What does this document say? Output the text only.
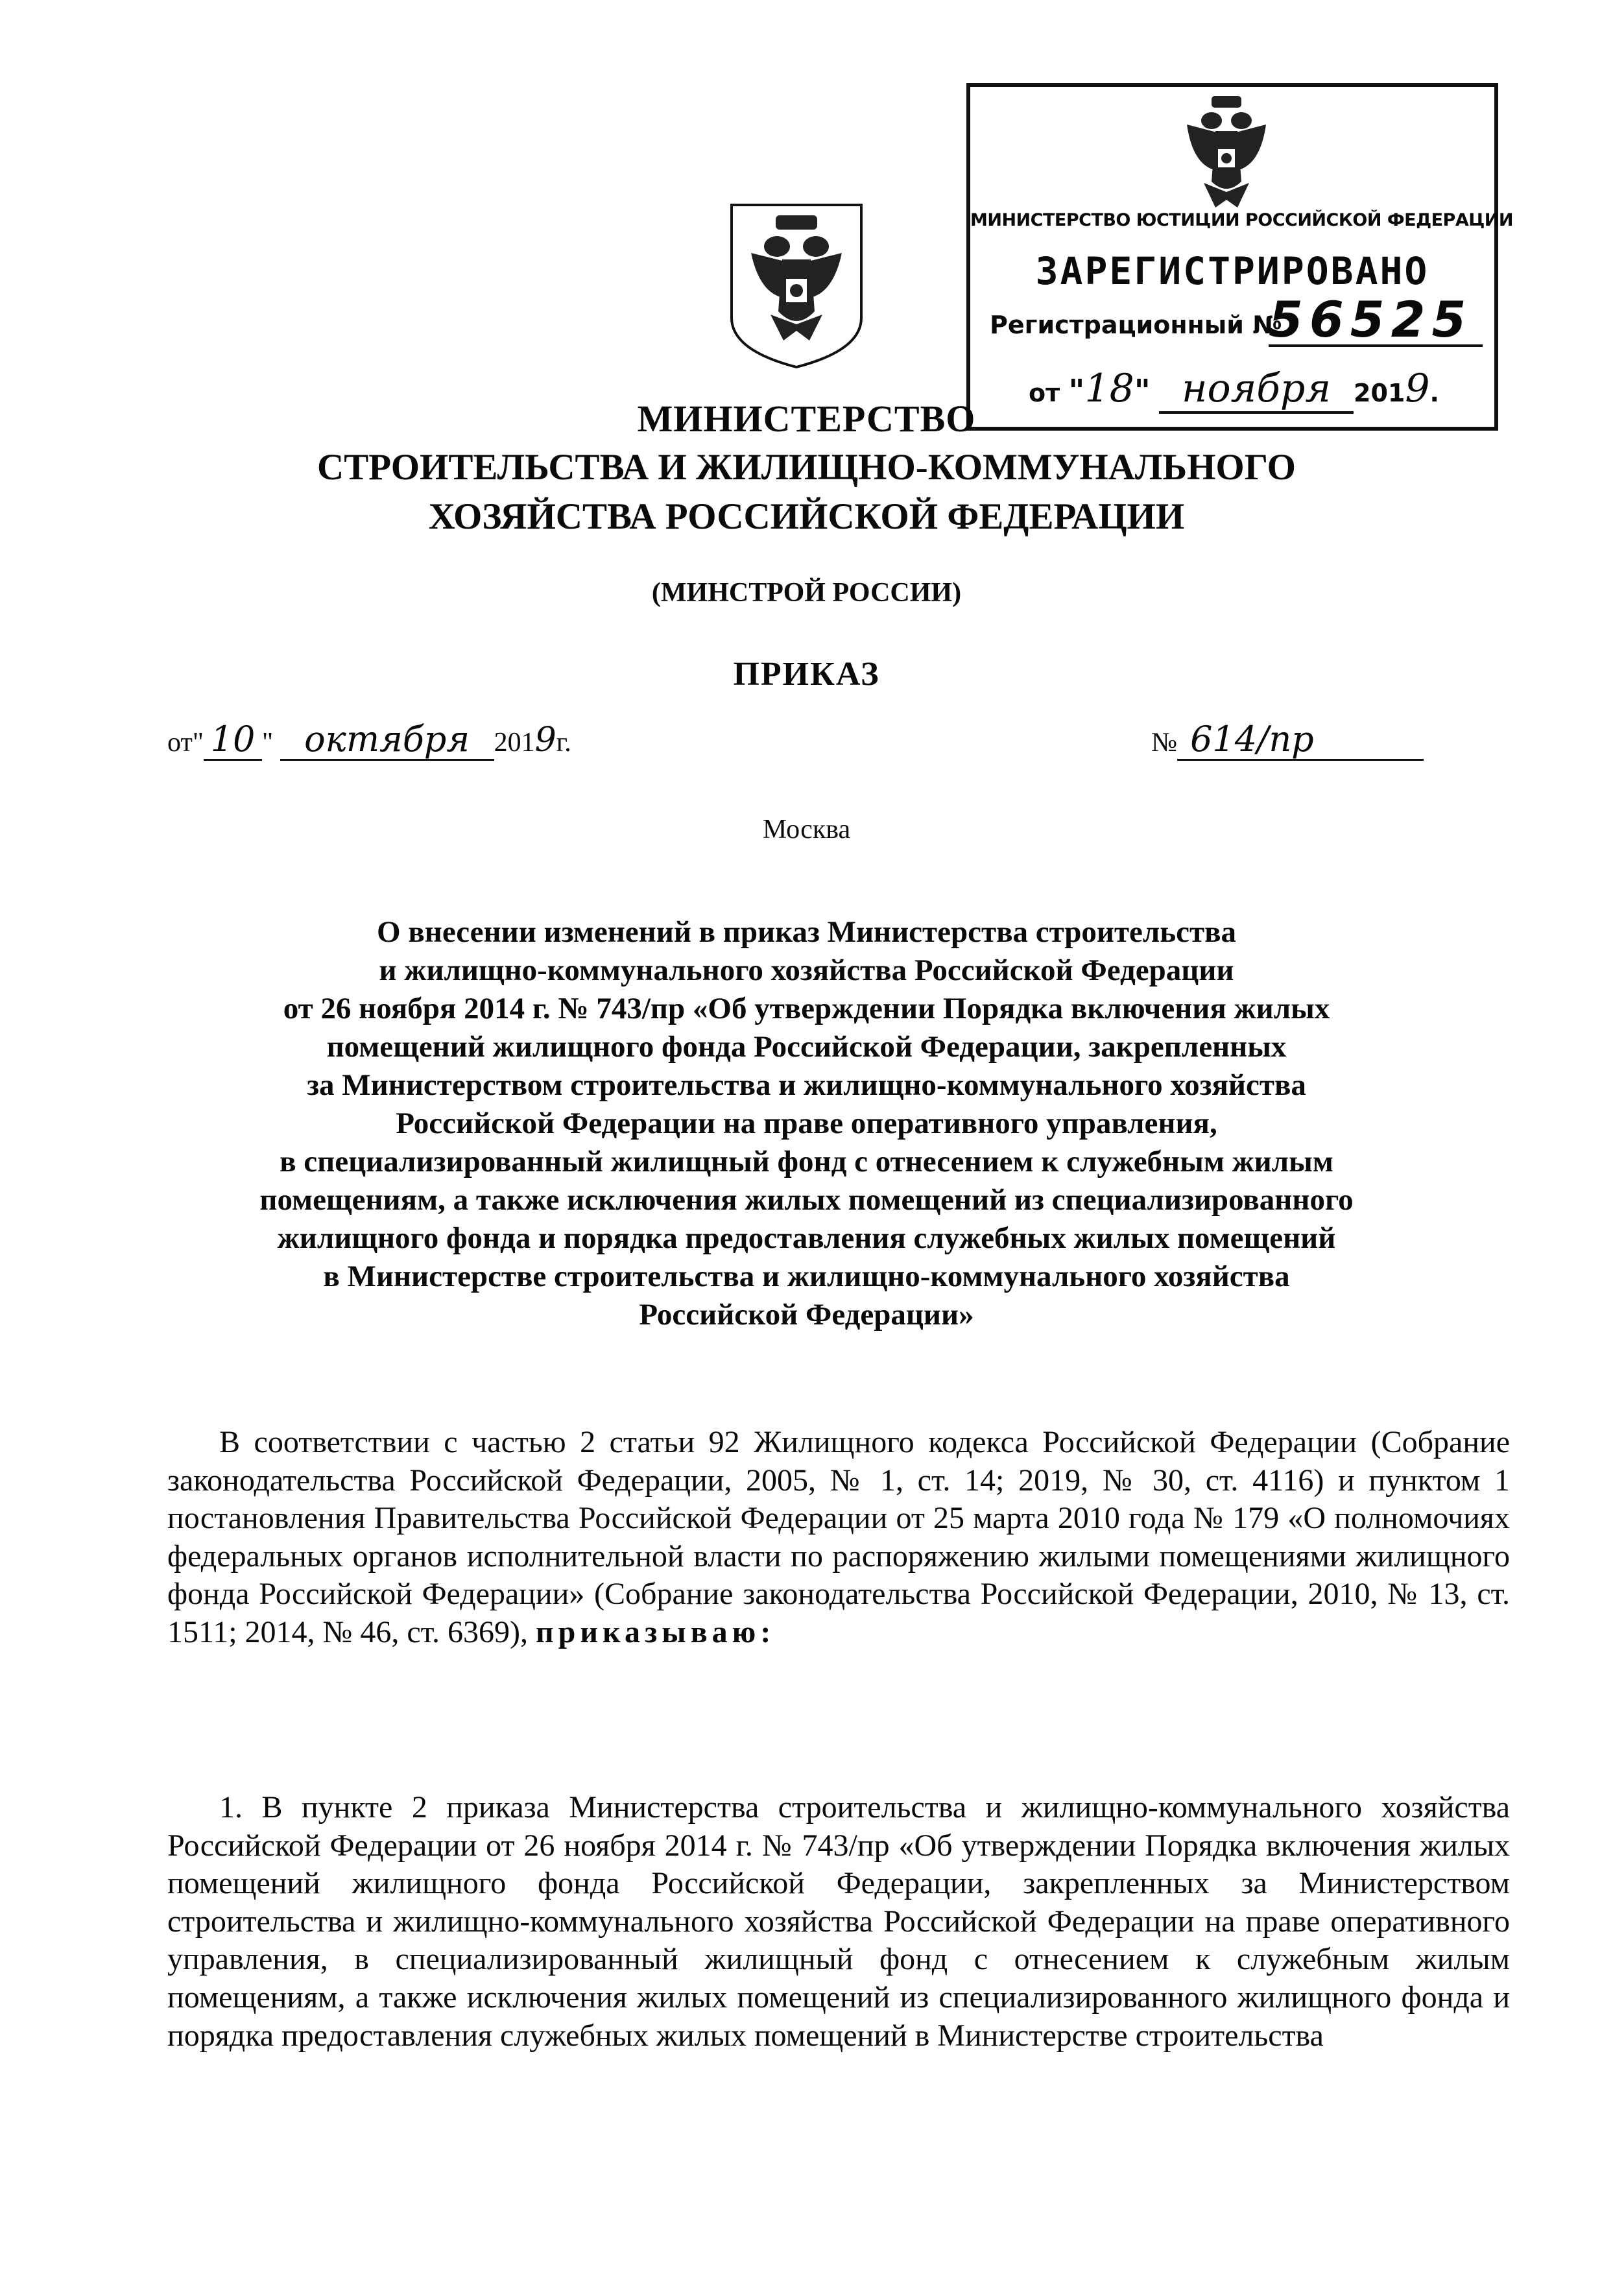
МИНИСТЕРСТВО ЮСТИЦИИ РОССИЙСКОЙ ФЕДЕРАЦИИ
ЗАРЕГИСТРИРОВАНО
Регистрационный №
56525
от "18" ноября 2019.
МИНИСТЕРСТВО
СТРОИТЕЛЬСТВА И ЖИЛИЩНО-КОММУНАЛЬНОГО
ХОЗЯЙСТВА РОССИЙСКОЙ ФЕДЕРАЦИИ
(МИНСТРОЙ РОССИИ)
ПРИКАЗ
от" 10 " октября 2019г.	№ 614/пр
Москва
О внесении изменений в приказ Министерства строительства
и жилищно-коммунального хозяйства Российской Федерации
от 26 ноября 2014 г. № 743/пр «Об утверждении Порядка включения жилых
помещений жилищного фонда Российской Федерации, закрепленных
за Министерством строительства и жилищно-коммунального хозяйства
Российской Федерации на праве оперативного управления,
в специализированный жилищный фонд с отнесением к служебным жилым
помещениям, а также исключения жилых помещений из специализированного
жилищного фонда и порядка предоставления служебных жилых помещений
в Министерстве строительства и жилищно-коммунального хозяйства
Российской Федерации»
В соответствии с частью 2 статьи 92 Жилищного кодекса Российской Федерации (Собрание законодательства Российской Федерации, 2005, № 1, ст. 14; 2019, № 30, ст. 4116) и пунктом 1 постановления Правительства Российской Федерации от 25 марта 2010 года № 179 «О полномочиях федеральных органов исполнительной власти по распоряжению жилыми помещениями жилищного фонда Российской Федерации» (Собрание законодательства Российской Федерации, 2010, № 13, ст. 1511; 2014, № 46, ст. 6369), приказываю:
1. В пункте 2 приказа Министерства строительства и жилищно-коммунального хозяйства Российской Федерации от 26 ноября 2014 г. № 743/пр «Об утверждении Порядка включения жилых помещений жилищного фонда Российской Федерации, закрепленных за Министерством строительства и жилищно-коммунального хозяйства Российской Федерации на праве оперативного управления, в специализированный жилищный фонд с отнесением к служебным жилым помещениям, а также исключения жилых помещений из специализированного жилищного фонда и порядка предоставления служебных жилых помещений в Министерстве строительства
